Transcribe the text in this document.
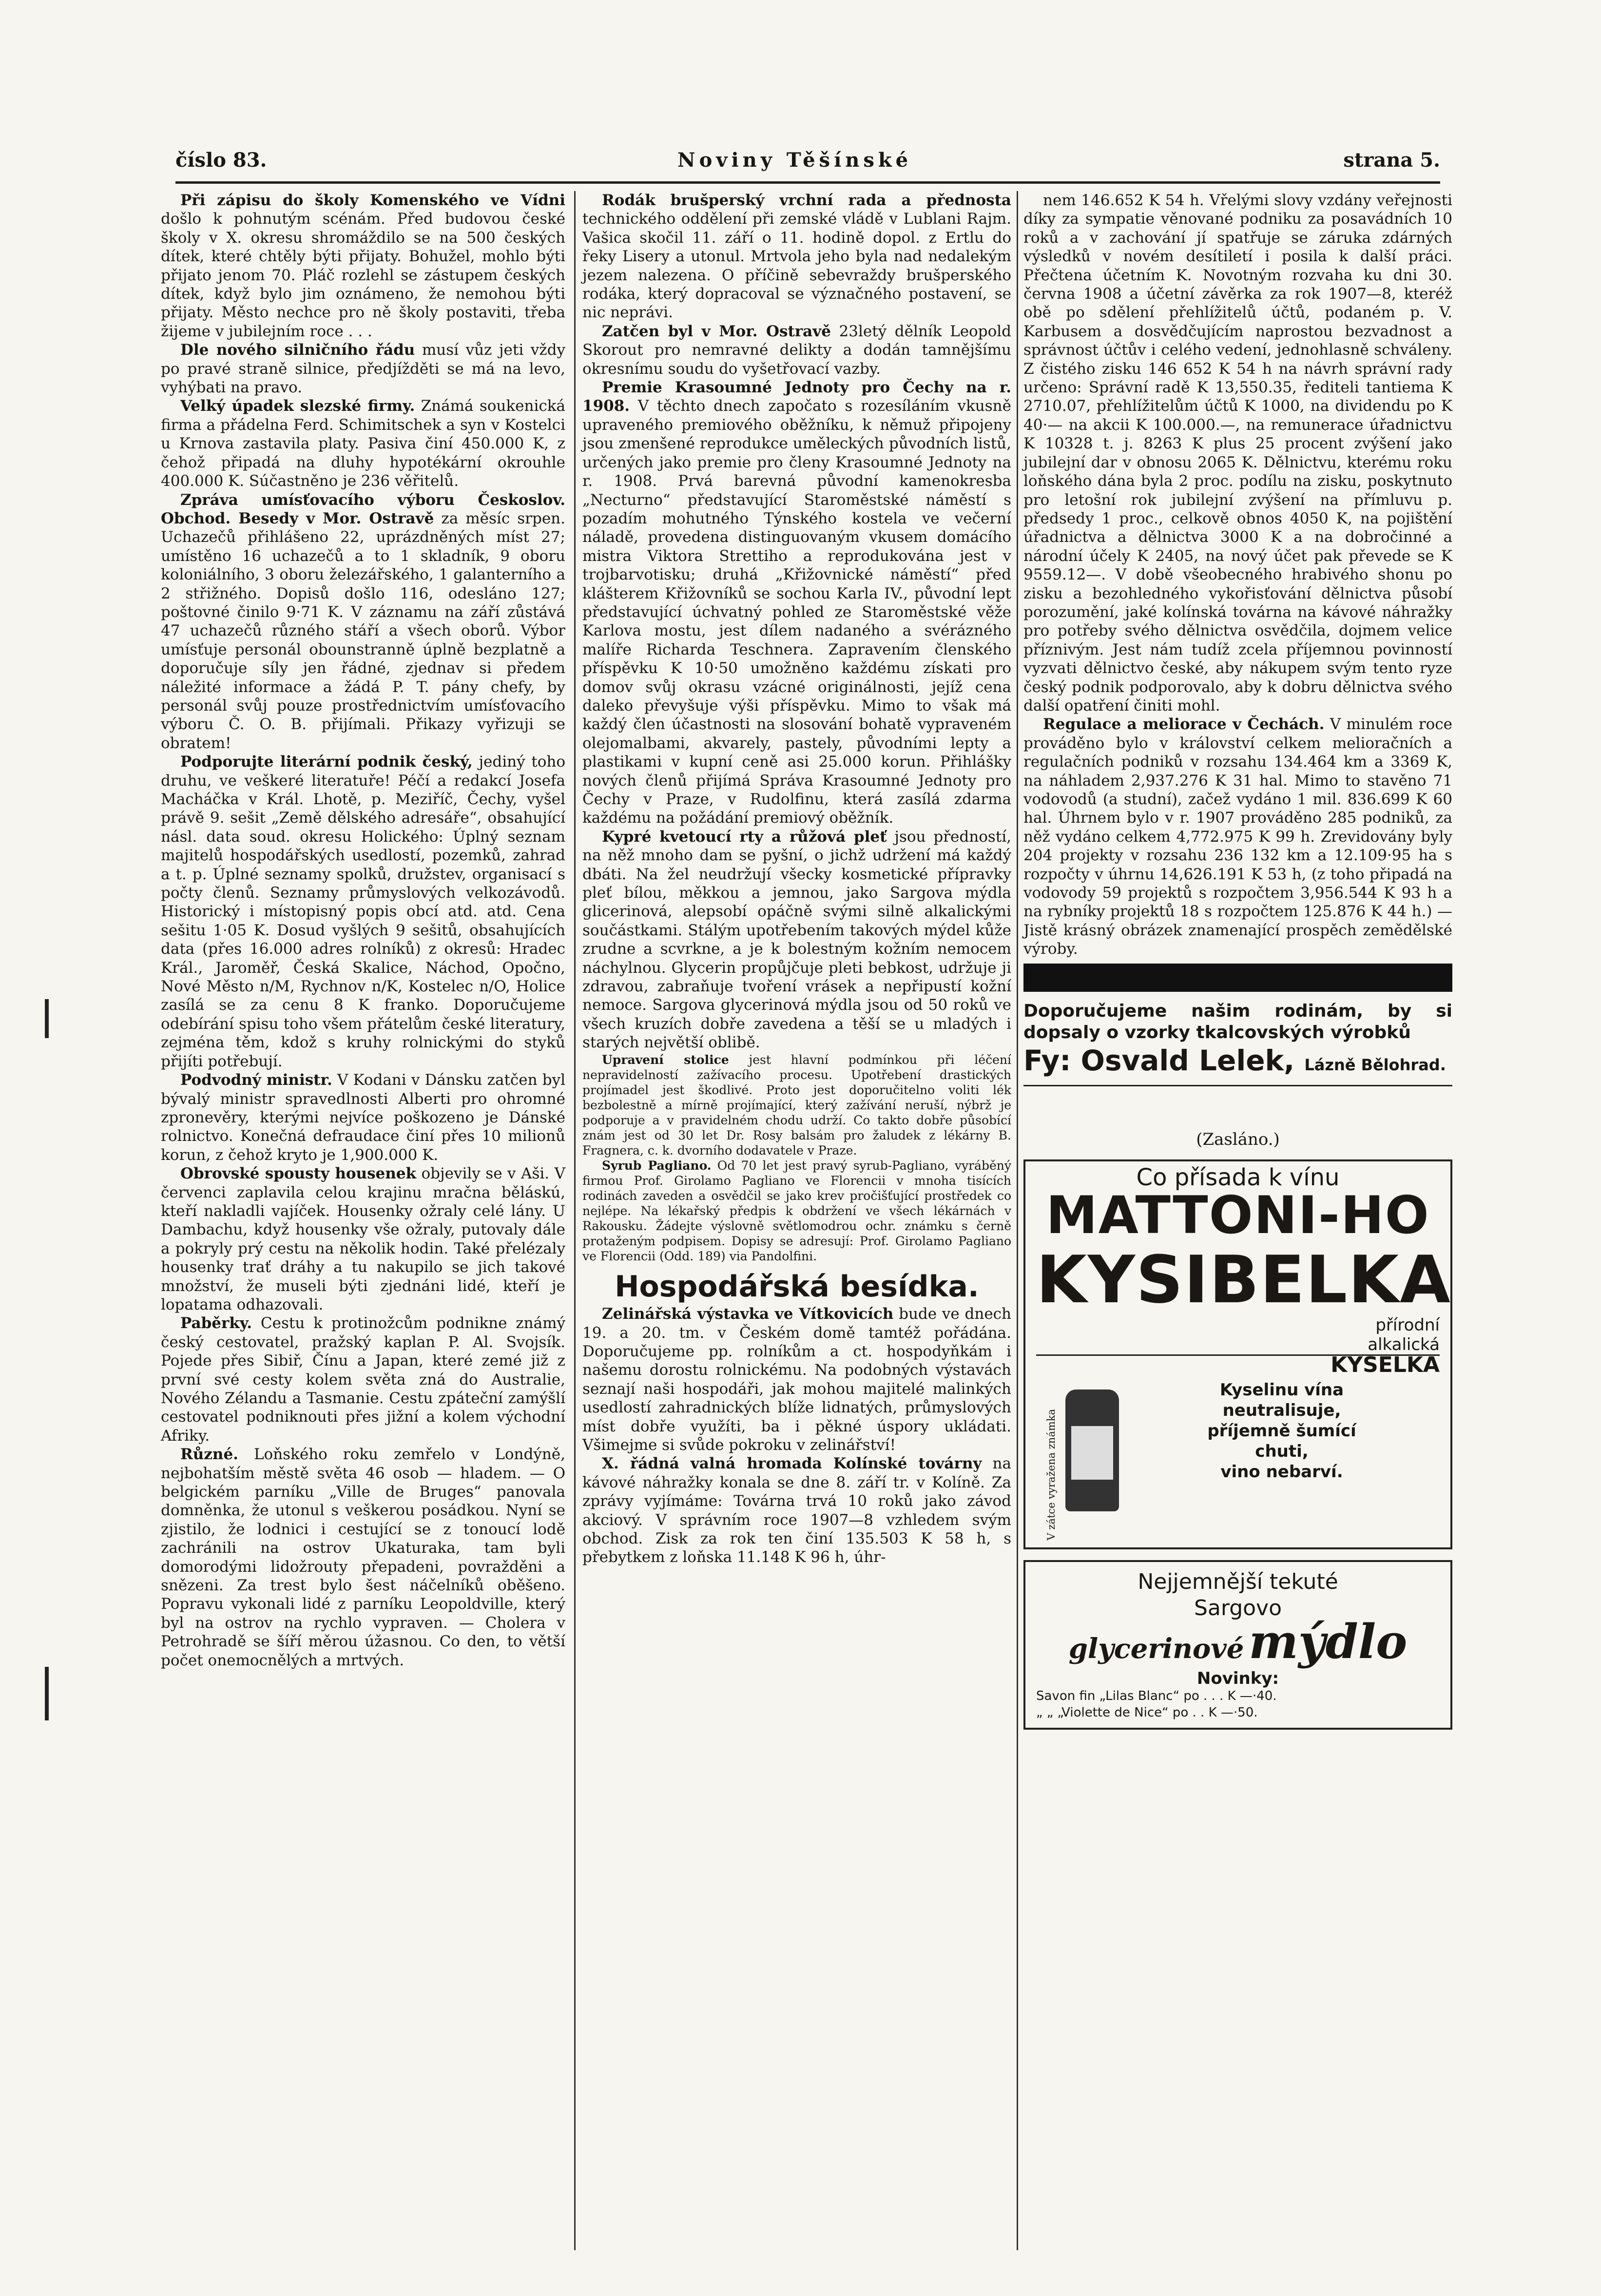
číslo 83.	Noviny Těšínské	strana 5.

Při zápisu do školy Komenského ve Vídni došlo k pohnutým scénám. Před budovou české školy v X. okresu shromáždilo se na 500 českých dítek, které chtěly býti přijaty. Bohužel, mohlo býti přijato jenom 70. Pláč rozlehl se zástupem českých dítek, když bylo jim oznámeno, že nemohou býti přijaty. Město nechce pro ně školy postaviti, třeba žijeme v jubilejním roce . . .

Dle nového silničního řádu musí vůz jeti vždy po pravé straně silnice, předjížděti se má na levo, vyhýbati na pravo.

Velký úpadek slezské firmy. Známá soukenická firma a přádelna Ferd. Schimitschek a syn v Kostelci u Krnova zastavila platy. Pasiva činí 450.000 K, z čehož připadá na dluhy hypotékární okrouhle 400.000 K. Súčastněno je 236 věřitelů.

Zpráva umísťovacího výboru Českoslov. Obchod. Besedy v Mor. Ostravě za měsíc srpen. Uchazečů přihlášeno 22, uprázdněných míst 27; umístěno 16 uchazečů a to 1 skladník, 9 oboru koloniálního, 3 oboru železářského, 1 galanterního a 2 střižného. Dopisů došlo 116, odesláno 127; poštovné činilo 9·71 K. V záznamu na září zůstává 47 uchazečů různého stáří a všech oborů. Výbor umísťuje personál obounstranně úplně bezplatně a doporučuje síly jen řádné, zjednav si předem náležité informace a žádá P. T. pány chefy, by personál svůj pouze prostřednictvím umísťovacího výboru Č. O. B. přijímali. Přikazy vyřizuji se obratem!

Podporujte literární podnik český, jediný toho druhu, ve veškeré literatuře! Péčí a redakcí Josefa Macháčka v Král. Lhotě, p. Meziříč, Čechy, vyšel právě 9. sešit „Země dělského adresáře“, obsahující násl. data soud. okresu Holického: Úplný seznam majitelů hospodářských usedlostí, pozemků, zahrad a t. p. Úplné seznamy spolků, družstev, organisací s počty členů. Seznamy průmyslových velkozávodů. Historický i místopisný popis obcí atd. atd. Cena sešitu 1·05 K. Dosud vyšlých 9 sešitů, obsahujících data (přes 16.000 adres rolníků) z okresů: Hradec Král., Jaroměř, Česká Skalice, Náchod, Opočno, Nové Město n/M, Rychnov n/K, Kostelec n/O, Holice zasílá se za cenu 8 K franko. Doporučujeme odebírání spisu toho všem přátelům české literatury, zejména těm, kdož s kruhy rolnickými do styků přijíti potřebují.

Podvodný ministr. V Kodani v Dánsku zatčen byl bývalý ministr spravedlnosti Alberti pro ohromné zpronevěry, kterými nejvíce poškozeno je Dánské rolnictvo. Konečná defraudace činí přes 10 milionů korun, z čehož kryto je 1,900.000 K.

Obrovské spousty housenek objevily se v Aši. V červenci zaplavila celou krajinu mračna běláskú, kteří nakladli vajíček. Housenky ožraly celé lány. U Dambachu, když housenky vše ožraly, putovaly dále a pokryly prý cestu na několik hodin. Také přelézaly housenky trať dráhy a tu nakupilo se jich takové množství, že museli býti zjednáni lidé, kteří je lopatama odhazovali.

Paběrky. Cestu k protinožcům podnikne známý český cestovatel, pražský kaplan P. Al. Svojsík. Pojede přes Sibiř, Čínu a Japan, které zemé již z první své cesty kolem světa zná do Australie, Nového Zélandu a Tasmanie. Cestu zpáteční zamýšlí cestovatel podniknouti přes jižní a kolem východní Afriky.

Různé. Loňského roku zemřelo v Londýně, nejbohatším městě světa 46 osob — hladem. — O belgickém parníku „Ville de Bruges“ panovala domněnka, že utonul s veškerou posádkou. Nyní se zjistilo, že lodnici i cestující se z tonoucí lodě zachránili na ostrov Ukaturaka, tam byli domorodými lidožrouty přepadeni, povražděni a snězeni. Za trest bylo šest náčelníků oběšeno. Popravu vykonali lidé z parníku Leopoldville, který byl na ostrov na rychlo vypraven. — Cholera v Petrohradě se šíří měrou úžasnou. Co den, to větší počet onemocnělých a mrtvých.

Rodák brušperský vrchní rada a přednosta technického oddělení při zemské vládě v Lublani Rajm. Vašica skočil 11. září o 11. hodině dopol. z Ertlu do řeky Lisery a utonul. Mrtvola jeho byla nad nedalekým jezem nalezena. O příčině sebevraždy brušperského rodáka, který dopracoval se význačného postavení, se nic neprávi.

Zatčen byl v Mor. Ostravě 23letý dělník Leopold Skorout pro nemravné delikty a dodán tamnějšímu okresnímu soudu do vyšetřovací vazby.

Premie Krasoumné Jednoty pro Čechy na r. 1908. V těchto dnech započato s rozesíláním vkusně upraveného premiového oběžníku, k němuž připojeny jsou zmenšené reprodukce uměleckých původních listů, určených jako premie pro členy Krasoumné Jednoty na r. 1908. Prvá barevná původní kamenokresba „Necturno“ představující Staroměstské náměstí s pozadím mohutného Týnského kostela ve večerní náladě, provedena distinguovaným vkusem domácího mistra Viktora Strettiho a reprodukována jest v trojbarvotisku; druhá „Křižovnické náměstí“ před klášterem Křižovníků se sochou Karla IV., původní lept představující úchvatný pohled ze Staroměstské věže Karlova mostu, jest dílem nadaného a svérázného malíře Richarda Teschnera. Zapravením členského příspěvku K 10·50 umožněno každému získati pro domov svůj okrasu vzácné originálnosti, jejíž cena daleko převyšuje výši příspěvku. Mimo to však má každý člen účastnosti na slosování bohatě vypraveném olejomalbami, akvarely, pastely, původními lepty a plastikami v kupní ceně asi 25.000 korun. Přihlášky nových členů přijímá Správa Krasoumné Jednoty pro Čechy v Praze, v Rudolfinu, která zasílá zdarma každému na požádání premiový oběžník.

Kypré kvetoucí rty a růžová pleť jsou předností, na něž mnoho dam se pyšní, o jichž udržení má každý dbáti. Na žel neudržují všecky kosmetické přípravky pleť bílou, měkkou a jemnou, jako Sargova mýdla glicerinová, alepsobí opáčně svými silně alkalickými součástkami. Stálým upotřebením takových mýdel kůže zrudne a scvrkne, a je k bolestným kožním nemocem náchylnou. Glycerin propůjčuje pleti bebkost, udržuje ji zdravou, zabraňuje tvoření vrásek a nepřipustí kožní nemoce. Sargova glycerinová mýdla jsou od 50 roků ve všech kruzích dobře zavedena a těší se u mladých i starých největší oblibě.

Upravení stolice jest hlavní podmínkou při léčení nepravidelností zažívacího procesu. Upotřebení drastických projímadel jest škodlivé. Proto jest doporučitelno voliti lék bezbolestně a mírně projímající, který zažívání neruší, nýbrž je podporuje a v pravidelném chodu udrží. Co takto dobře působící znám jest od 30 let Dr. Rosy balsám pro žaludek z lékárny B. Fragnera, c. k. dvorního dodavatele v Praze.

Syrub Pagliano. Od 70 let jest pravý syrub-Pagliano, vyráběný firmou Prof. Girolamo Pagliano ve Florencii v mnoha tisících rodinách zaveden a osvědčil se jako krev pročišťující prostředek co nejlépe. Na lékařský předpis k obdržení ve všech lékárnách v Rakousku. Žádejte výslovně světlomodrou ochr. známku s černě protaženým podpisem. Dopisy se adresují: Prof. Girolamo Pagliano ve Florencii (Odd. 189) via Pandolfini.

Hospodářská besídka.

Zelinářská výstavka ve Vítkovicích bude ve dnech 19. a 20. tm. v Českém domě tamtéž pořádána. Doporučujeme pp. rolníkům a ct. hospodyňkám i našemu dorostu rolnickému. Na podobných výstavách seznají naši hospodáři, jak mohou majitelé malinkých usedlostí zahradnických blíže lidnatých, průmyslových míst dobře využíti, ba i pěkné úspory ukládati. Všimejme si svůde pokroku v zelinářství!

X. řádná valná hromada Kolínské továrny na kávové náhražky konala se dne 8. září tr. v Kolíně. Za zprávy vyjímáme: Továrna trvá 10 roků jako závod akciový. V správním roce 1907—8 vzhledem svým obchod. Zisk za rok ten činí 135.503 K 58 h, s přebytkem z loňska 11.148 K 96 h, úhr-

nem 146.652 K 54 h. Vřelými slovy vzdány veřejnosti díky za sympatie věnované podniku za posavádních 10 roků a v zachování jí spatřuje se záruka zdárných výsledků v novém desítiletí i posila k další práci. Přečtena účetním K. Novotným rozvaha ku dni 30. června 1908 a účetní závěrka za rok 1907—8, kteréž obě po sdělení přehlížitelů účtů, podaném p. V. Karbusem a dosvědčujícím naprostou bezvadnost a správnost účtův i celého vedení, jednohlasně schváleny. Z čistého zisku 146 652 K 54 h na návrh správní rady určeno: Správní radě K 13,550.35, řediteli tantiema K 2710.07, přehlížitelům účtů K 1000, na dividendu po K 40·— na akcii K 100.000.—, na remunerace úřadnictvu K 10328 t. j. 8263 K plus 25 procent zvýšení jako jubilejní dar v obnosu 2065 K. Dělnictvu, kterému roku loňského dána byla 2 proc. podílu na zisku, poskytnuto pro letošní rok jubilejní zvýšení na přímluvu p. předsedy 1 proc., celkově obnos 4050 K, na pojištění úřadnictva a dělnictva 3000 K a na dobročinné a národní účely K 2405, na nový účet pak převede se K 9559.12—. V době všeobecného hrabivého shonu po zisku a bezohledného vykořisťování dělnictva působí porozumění, jaké kolínská továrna na kávové náhražky pro potřeby svého dělnictva osvědčila, dojmem velice příznivým. Jest nám tudíž zcela příjemnou povinností vyzvati dělnictvo české, aby nákupem svým tento ryze český podnik podporovalo, aby k dobru dělnictva svého další opatření činiti mohl.

Regulace a meliorace v Čechách. V minulém roce prováděno bylo v království celkem melioračních a regulačních podniků v rozsahu 134.464 km a 3369 K, na náhladem 2,937.276 K 31 hal. Mimo to stavěno 71 vodovodů (a studní), začež vydáno 1 mil. 836.699 K 60 hal. Úhrnem bylo v r. 1907 prováděno 285 podniků, za něž vydáno celkem 4,772.975 K 99 h. Zrevidovány byly 204 projekty v rozsahu 236 132 km a 12.109·95 ha s rozpočty v úhrnu 14,626.191 K 53 h, (z toho připadá na vodovody 59 projektů s rozpočtem 3,956.544 K 93 h a na rybníky projektů 18 s rozpočtem 125.876 K 44 h.) — Jistě krásný obrázek znamenající prospěch zemědělské výroby.

Doporučujeme našim rodinám, by si dopsaly o vzorky tkalcovských výrobků

Fy: Osvald Lelek, Lázně Bělohrad.
(Zasláno.)
Co přísada k vínu
MATTONI-HO
KYSIBELKA
přírodní
alkalická
KYSELKA
V zátce vyražena známka
Kyselinu vína
neutralisuje,
příjemně šumící
chuti,
vino nebarví.
Nejjemnější tekuté
Sargovo
glycerinové mýdlo
Novinky:
Savon fin „Lilas Blanc“ po . . . K —·40.
„ „ „Violette de Nice“ po . . K —·50.
